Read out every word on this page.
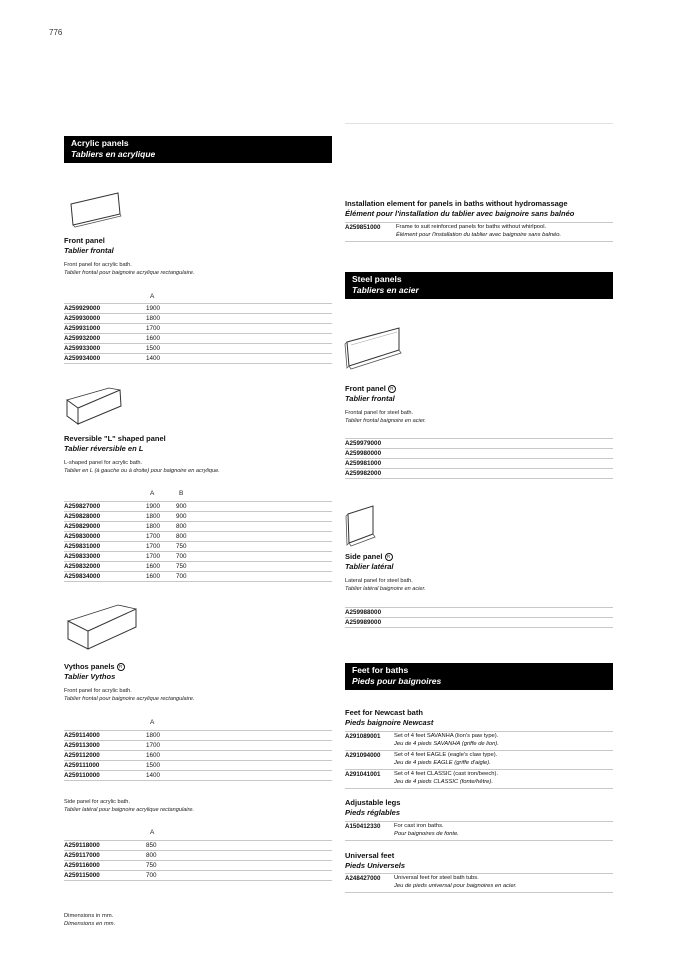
776
Acrylic panels
Tabliers en acrylique
Front panel
Tablier frontal
Front panel for acrylic bath.
Tablier frontal pour baignoire acrylique rectangulaire.
A
A259929000	1900
A259930000	1800
A259931000	1700
A259932000	1600
A259933000	1500
A259934000	1400
Reversible "L" shaped panel
Tablier réversible en L
L-shaped panel for acrylic bath.
Tablier en L (à gauche ou à droite) pour baignoire en acrylique.
A	B
A259827000	1900	900
A259828000	1800	900
A259829000	1800	800
A259830000	1700	800
A259831000	1700	750
A259833000	1700	700
A259832000	1600	750
A259834000	1600	700
Vythos panels R
Tablier Vythos
Front panel for acrylic bath.
Tablier frontal pour baignoire acrylique rectangulaire.
A
A259114000	1800
A259113000	1700
A259112000	1600
A259111000	1500
A259110000	1400
Side panel for acrylic bath.
Tablier latéral pour baignoire acrylique rectangulaire.
A
A259118000	850
A259117000	800
A259116000	750
A259115000	700
Dimensions in mm.
Dimensions en mm.
Installation element for panels in baths without hydromassage
Élément pour l'installation du tablier avec baignoire sans balnéo
A259851000	Frame to suit reinforced panels for baths without whirlpool.
Élément pour l'installation du tablier avec baignoire sans balnéo.
Steel panels
Tabliers en acier
Front panel R
Tablier frontal
Frontal panel for steel bath.
Tablier frontal baignoire en acier.
A259979000
A259980000
A259981000
A259982000
Side panel R
Tablier latéral
Lateral panel for steel bath.
Tablier latéral baignoire en acier.
A259988000
A259989000
Feet for baths
Pieds pour baignoires
Feet for Newcast bath
Pieds baignoire Newcast
A291089001	Set of 4 feet SAVANHA (lion's paw type).
Jeu de 4 pieds SAVANHA (griffe de lion).

A291094000	Set of 4 feet EAGLE (eagle's claw type).
Jeu de 4 pieds EAGLE (griffe d'aigle).

A291041001	Set of 4 feet CLASSIC (cast iron/beech).
Jeu de 4 pieds CLASSIC (fonte/hêtre).
Adjustable legs
Pieds réglables
A150412330	For cast iron baths.
Pour baignoires de fonte.
Universal feet
Pieds Universels
A248427000	Universal feet for steel bath tubs.
Jeu de pieds universal pour baignoires en acier.
